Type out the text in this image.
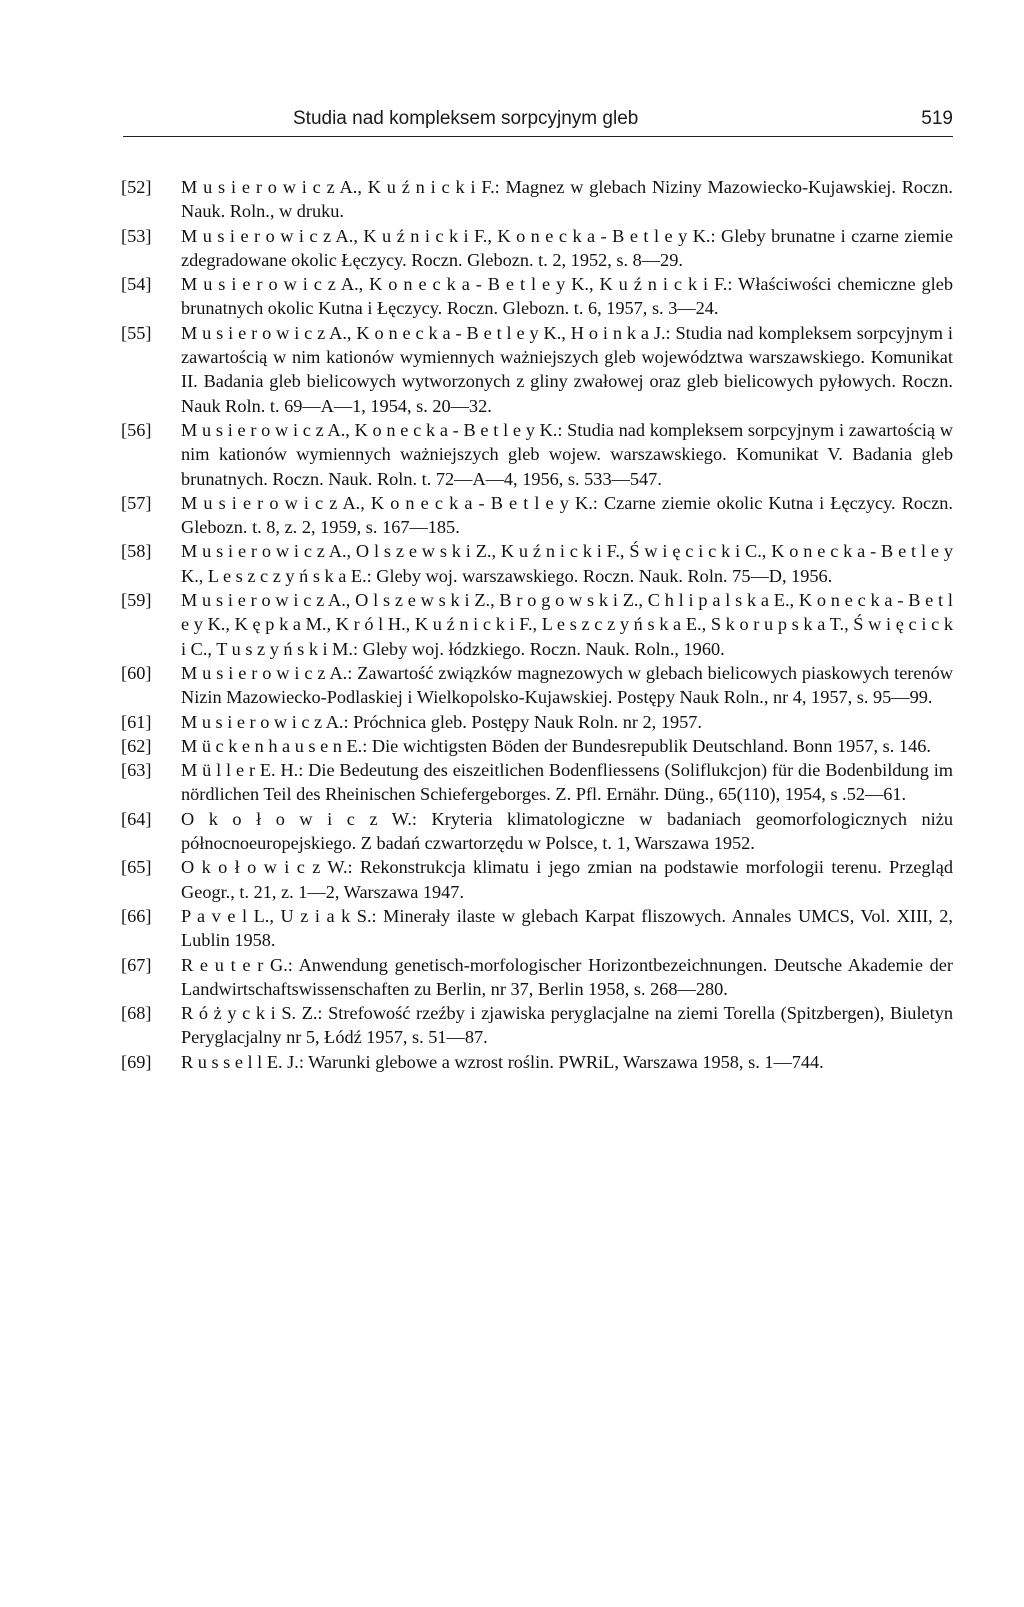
Studia nad kompleksem sorpcyjnym gleb	519
[52]	M u s i e r o w i c z A., K u ź n i c k i F.: Magnez w glebach Niziny Mazowiecko-Kujawskiej. Roczn. Nauk. Roln., w druku.
[53]	M u s i e r o w i c z A., K u ź n i c k i F., K o n e c k a - B e t l e y K.: Gleby brunatne i czarne ziemie zdegradowane okolic Łęczycy. Roczn. Glebozn. t. 2, 1952, s. 8—29.
[54]	M u s i e r o w i c z A., K o n e c k a - B e t l e y K., K u ź n i c k i F.: Właściwości chemiczne gleb brunatnych okolic Kutna i Łęczycy. Roczn. Glebozn. t. 6, 1957, s. 3—24.
[55]	M u s i e r o w i c z A., K o n e c k a - B e t l e y K., H o i n k a J.: Studia nad kompleksem sorpcyjnym i zawartością w nim kationów wymiennych ważniejszych gleb województwa warszawskiego. Komunikat II. Badania gleb bielicowych wytworzonych z gliny zwałowej oraz gleb bielicowych pyłowych. Roczn. Nauk Roln. t. 69—A—1, 1954, s. 20—32.
[56]	M u s i e r o w i c z A., K o n e c k a - B e t l e y K.: Studia nad kompleksem sorpcyjnym i zawartością w nim kationów wymiennych ważniejszych gleb wojew. warszawskiego. Komunikat V. Badania gleb brunatnych. Roczn. Nauk. Roln. t. 72—A—4, 1956, s. 533—547.
[57]	M u s i e r o w i c z A., K o n e c k a - B e t l e y K.: Czarne ziemie okolic Kutna i Łęczycy. Roczn. Glebozn. t. 8, z. 2, 1959, s. 167—185.
[58]	M u s i e r o w i c z A., O l s z e w s k i Z., K u ź n i c k i F., Ś w i ę c i c k i C., K o n e c k a - B e t l e y K., L e s z c z y ń s k a E.: Gleby woj. warszawskiego. Roczn. Nauk. Roln. 75—D, 1956.
[59]	M u s i e r o w i c z A., O l s z e w s k i Z., B r o g o w s k i Z., C h l i p a l s k a E., K o n e c k a - B e t l e y K., K ę p k a M., K r ó l H., K u ź n i c k i F., L e s z c z y ń s k a E., S k o r u p s k a T., Ś w i ę c i c k i C., T u s z y ń s k i M.: Gleby woj. łódzkiego. Roczn. Nauk. Roln., 1960.
[60]	M u s i e r o w i c z A.: Zawartość związków magnezowych w glebach bielicowych piaskowych terenów Nizin Mazowiecko-Podlaskiej i Wielkopolsko-Kujawskiej. Postępy Nauk Roln., nr 4, 1957, s. 95—99.
[61]	M u s i e r o w i c z A.: Próchnica gleb. Postępy Nauk Roln. nr 2, 1957.
[62]	M ü c k e n h a u s e n E.: Die wichtigsten Böden der Bundesrepublik Deutschland. Bonn 1957, s. 146.
[63]	M ü l l e r E. H.: Die Bedeutung des eiszeitlichen Bodenfliessens (Soliflukcjon) für die Bodenbildung im nördlichen Teil des Rheinischen Schiefergeborges. Z. Pfl. Ernähr. Düng., 65(110), 1954, s .52—61.
[64]	O k o ł o w i c z W.: Kryteria klimatologiczne w badaniach geomorfologicznych niżu północnoeuropejskiego. Z badań czwartorzędu w Polsce, t. 1, Warszawa 1952.
[65]	O k o ł o w i c z W.: Rekonstrukcja klimatu i jego zmian na podstawie morfologii terenu. Przegląd Geogr., t. 21, z. 1—2, Warszawa 1947.
[66]	P a v e l L., U z i a k S.: Minerały ilaste w glebach Karpat fliszowych. Annales UMCS, Vol. XIII, 2, Lublin 1958.
[67]	R e u t e r G.: Anwendung genetisch-morfologischer Horizontbezeichnungen. Deutsche Akademie der Landwirtschaftswissenschaften zu Berlin, nr 37, Berlin 1958, s. 268—280.
[68]	R ó ż y c k i S. Z.: Strefowość rzeźby i zjawiska peryglacjalne na ziemi Torella (Spitzbergen), Biuletyn Peryglacjalny nr 5, Łódź 1957, s. 51—87.
[69]	R u s s e l l E. J.: Warunki glebowe a wzrost roślin. PWRiL, Warszawa 1958, s. 1—744.
